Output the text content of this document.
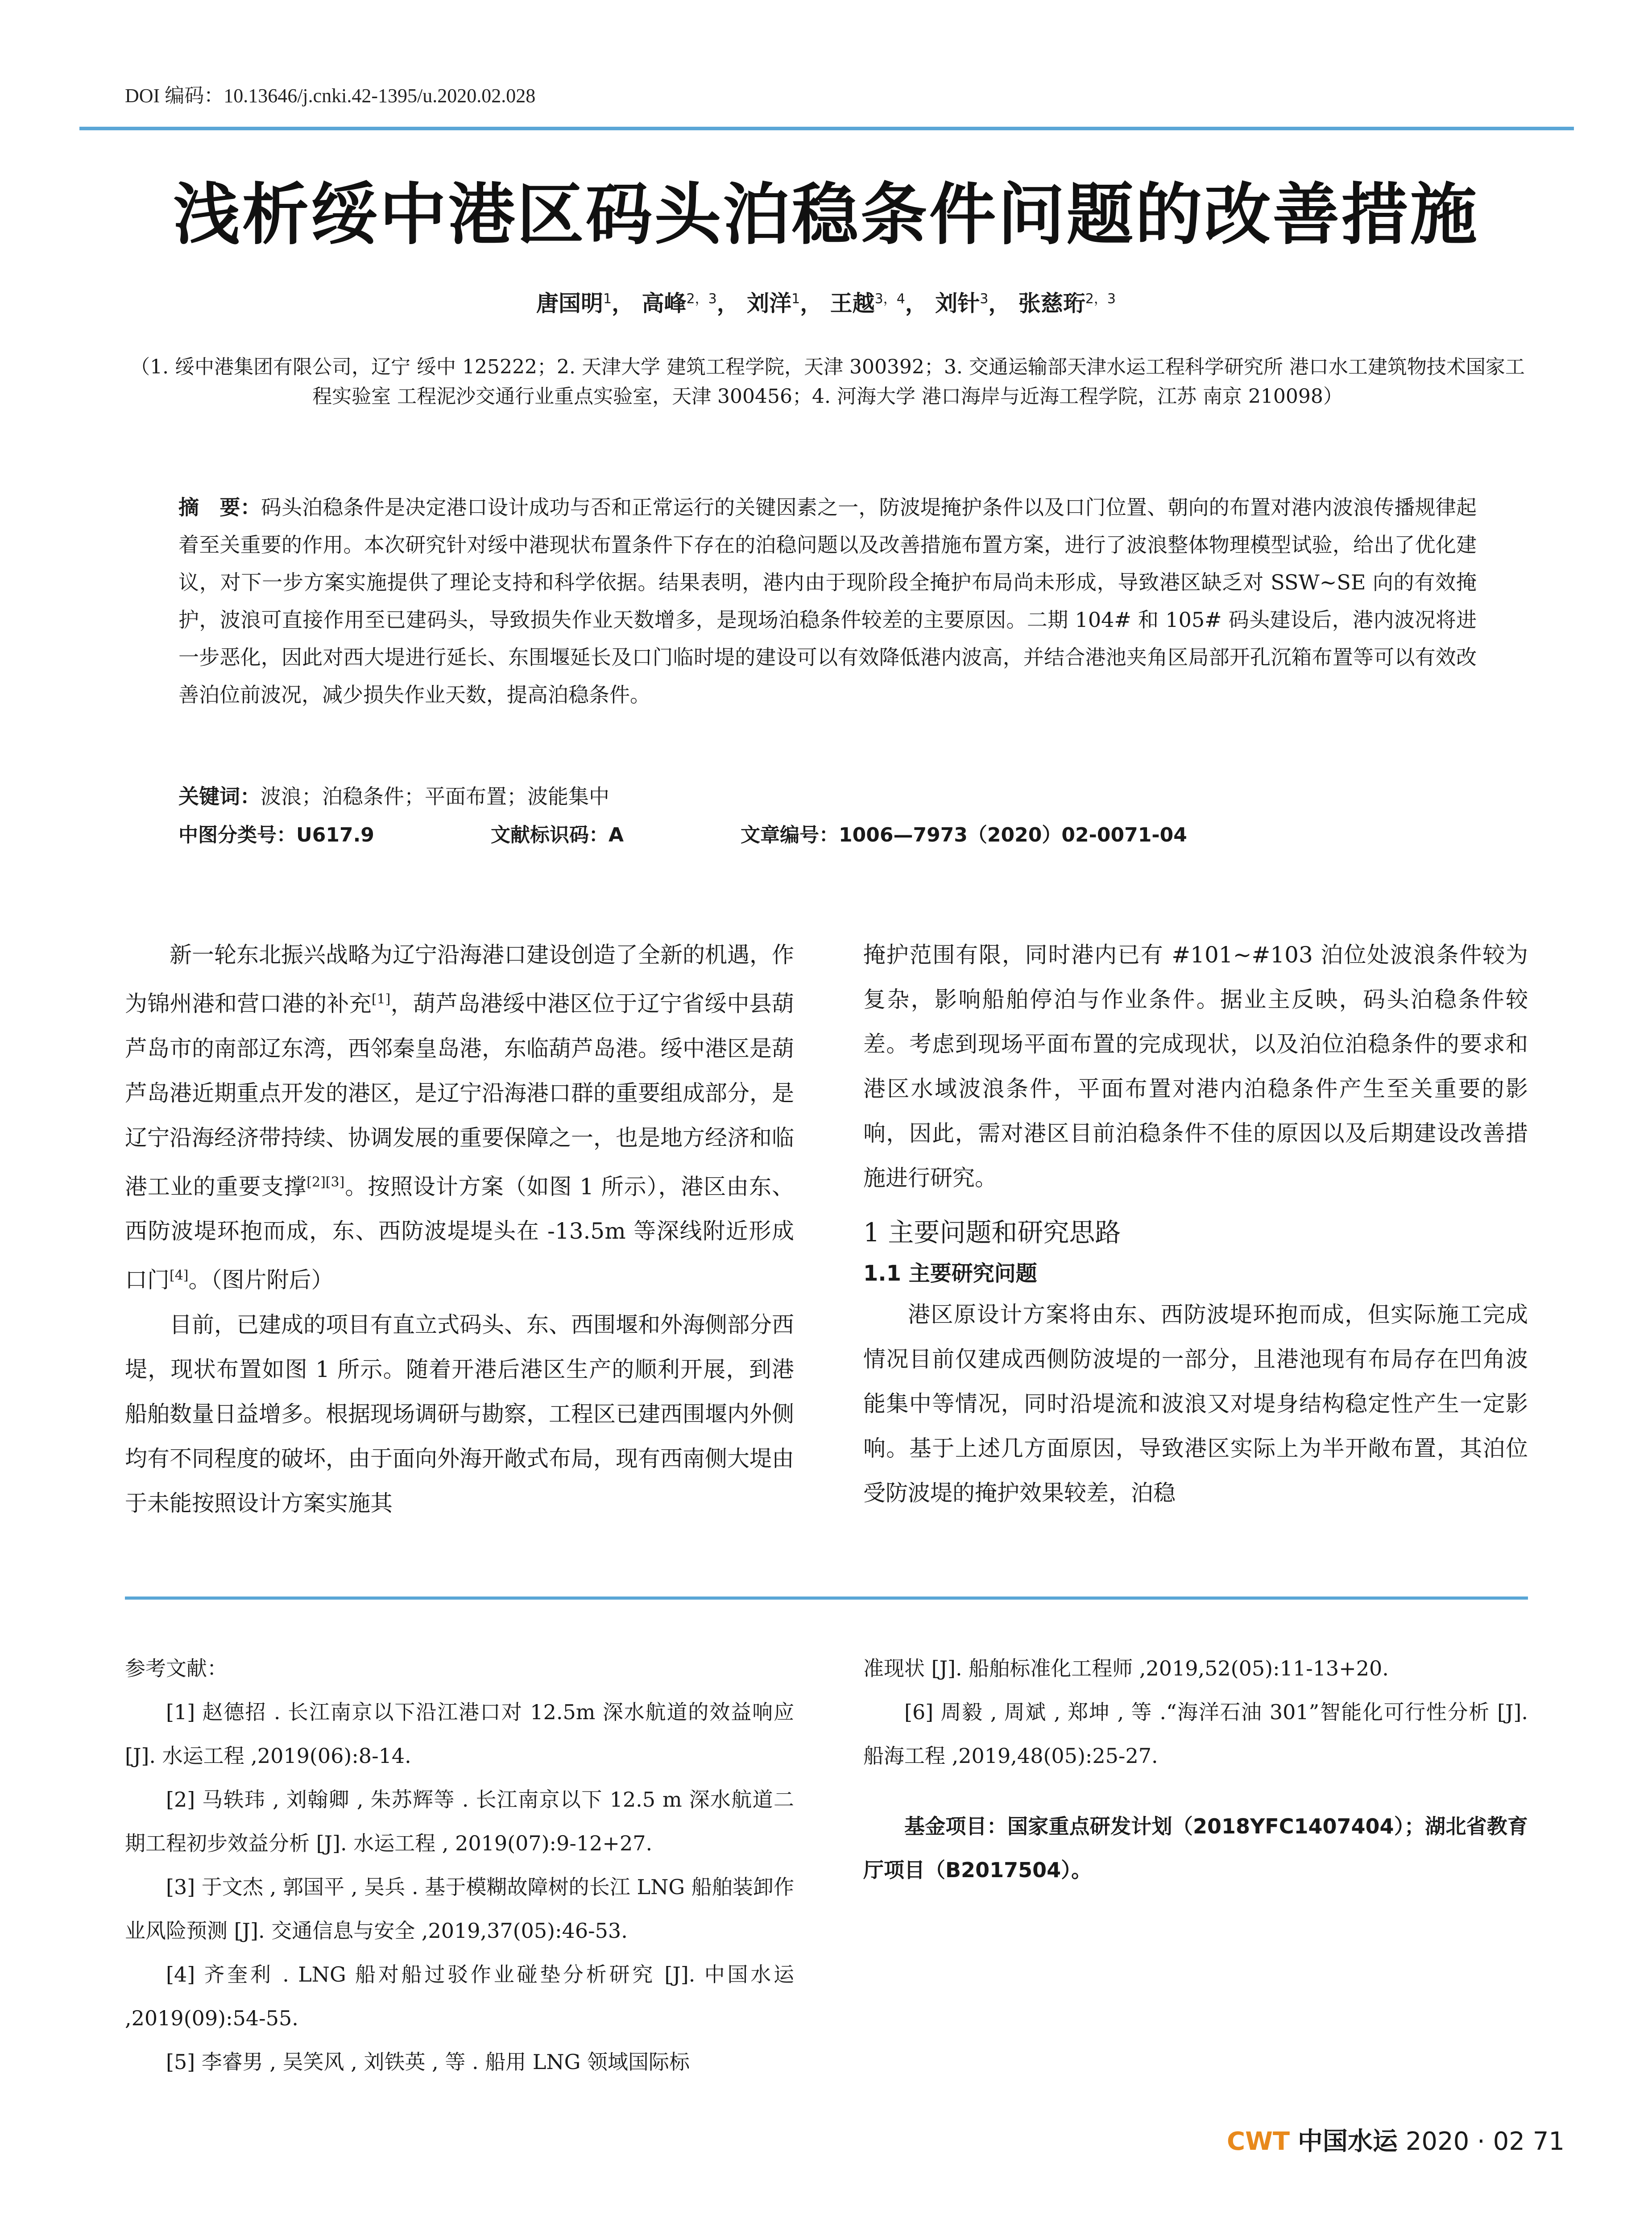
DOI 编码：10.13646/j.cnki.42-1395/u.2020.02.028
浅析绥中港区码头泊稳条件问题的改善措施
唐国明$^1$， 高峰$^{2,3}$， 刘洋$^1$， 王越$^{3,4}$， 刘针$^3$， 张慈珩$^{2,3}$
（1. 绥中港集团有限公司，辽宁 绥中 125222；2. 天津大学 建筑工程学院，天津 300392；3. 交通运输部天津水运工程科学研究所 港口水工建筑物技术国家工程实验室 工程泥沙交通行业重点实验室，天津 300456；4. 河海大学 港口海岸与近海工程学院，江苏 南京 210098）
摘　要：码头泊稳条件是决定港口设计成功与否和正常运行的关键因素之一，防波堤掩护条件以及口门位置、朝向的布置对港内波浪传播规律起着至关重要的作用。本次研究针对绥中港现状布置条件下存在的泊稳问题以及改善措施布置方案，进行了波浪整体物理模型试验，给出了优化建议，对下一步方案实施提供了理论支持和科学依据。结果表明，港内由于现阶段全掩护布局尚未形成，导致港区缺乏对 SSW~SE 向的有效掩护，波浪可直接作用至已建码头，导致损失作业天数增多，是现场泊稳条件较差的主要原因。二期 104# 和 105# 码头建设后，港内波况将进一步恶化，因此对西大堤进行延长、东围堰延长及口门临时堤的建设可以有效降低港内波高，并结合港池夹角区局部开孔沉箱布置等可以有效改善泊位前波况，减少损失作业天数，提高泊稳条件。
关键词：波浪；泊稳条件；平面布置；波能集中
中图分类号：U617.9	文献标识码：A	文章编号：1006—7973（2020）02-0071-04

新一轮东北振兴战略为辽宁沿海港口建设创造了全新的机遇，作为锦州港和营口港的补充[1]，葫芦岛港绥中港区位于辽宁省绥中县葫芦岛市的南部辽东湾，西邻秦皇岛港，东临葫芦岛港。绥中港区是葫芦岛港近期重点开发的港区，是辽宁沿海港口群的重要组成部分，是辽宁沿海经济带持续、协调发展的重要保障之一，也是地方经济和临港工业的重要支撑[2][3]。按照设计方案（如图 1 所示），港区由东、西防波堤环抱而成，东、西防波堤堤头在 -13.5m 等深线附近形成口门[4]。（图片附后）

目前，已建成的项目有直立式码头、东、西围堰和外海侧部分西堤，现状布置如图 1 所示。随着开港后港区生产的顺利开展，到港船舶数量日益增多。根据现场调研与勘察，工程区已建西围堰内外侧均有不同程度的破坏，由于面向外海开敞式布局，现有西南侧大堤由于未能按照设计方案实施其

掩护范围有限，同时港内已有 #101~#103 泊位处波浪条件较为复杂，影响船舶停泊与作业条件。据业主反映，码头泊稳条件较差。考虑到现场平面布置的完成现状，以及泊位泊稳条件的要求和港区水域波浪条件，平面布置对港内泊稳条件产生至关重要的影响，因此，需对港区目前泊稳条件不佳的原因以及后期建设改善措施进行研究。

1 主要问题和研究思路

1.1 主要研究问题

港区原设计方案将由东、西防波堤环抱而成，但实际施工完成情况目前仅建成西侧防波堤的一部分，且港池现有布局存在凹角波能集中等情况，同时沿堤流和波浪又对堤身结构稳定性产生一定影响。基于上述几方面原因，导致港区实际上为半开敞布置，其泊位受防波堤的掩护效果较差，泊稳

参考文献：

[1] 赵德招 . 长江南京以下沿江港口对 12.5m 深水航道的效益响应 [J]. 水运工程 ,2019(06):8-14.

[2] 马轶玮 , 刘翰卿 , 朱苏辉等 . 长江南京以下 12.5 m 深水航道二期工程初步效益分析 [J]. 水运工程 , 2019(07):9-12+27.

[3] 于文杰 , 郭国平 , 吴兵 . 基于模糊故障树的长江 LNG 船舶装卸作业风险预测 [J]. 交通信息与安全 ,2019,37(05):46-53.

[4] 齐奎利 . LNG 船对船过驳作业碰垫分析研究 [J]. 中国水运 ,2019(09):54-55.

[5] 李睿男 , 吴笑风 , 刘铁英 , 等 . 船用 LNG 领域国际标

准现状 [J]. 船舶标准化工程师 ,2019,52(05):11-13+20.

[6] 周毅 , 周斌 , 郑坤 , 等 .“海洋石油 301”智能化可行性分析 [J]. 船海工程 ,2019,48(05):25-27.

基金项目：国家重点研发计划（2018YFC1407404）；湖北省教育厅项目（B2017504）。

CWT 中国水运 2020 · 02 71
